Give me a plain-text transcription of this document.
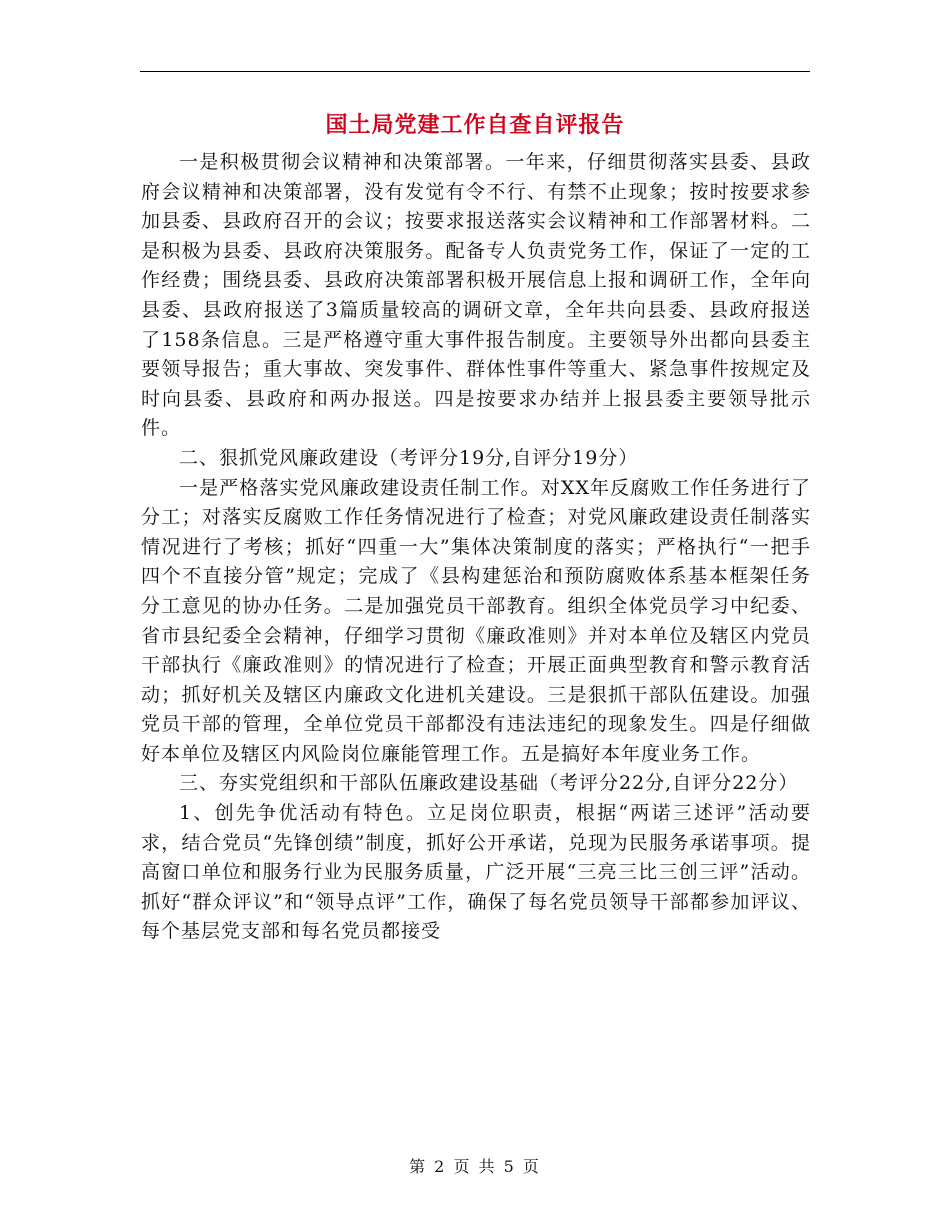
国土局党建工作自查自评报告

一是积极贯彻会议精神和决策部署。一年来，仔细贯彻落实县委、县政府会议精神和决策部署，没有发觉有令不行、有禁不止现象；按时按要求参加县委、县政府召开的会议；按要求报送落实会议精神和工作部署材料。二是积极为县委、县政府决策服务。配备专人负责党务工作，保证了一定的工作经费；围绕县委、县政府决策部署积极开展信息上报和调研工作，全年向县委、县政府报送了3篇质量较高的调研文章，全年共向县委、县政府报送了158条信息。三是严格遵守重大事件报告制度。主要领导外出都向县委主要领导报告；重大事故、突发事件、群体性事件等重大、紧急事件按规定及时向县委、县政府和两办报送。四是按要求办结并上报县委主要领导批示件。

二、狠抓党风廉政建设（考评分19分,自评分19分）

一是严格落实党风廉政建设责任制工作。对XX年反腐败工作任务进行了分工；对落实反腐败工作任务情况进行了检查；对党风廉政建设责任制落实情况进行了考核；抓好“四重一大”集体决策制度的落实；严格执行“一把手四个不直接分管”规定；完成了《县构建惩治和预防腐败体系基本框架任务分工意见的协办任务。二是加强党员干部教育。组织全体党员学习中纪委、省市县纪委全会精神，仔细学习贯彻《廉政准则》并对本单位及辖区内党员干部执行《廉政准则》的情况进行了检查；开展正面典型教育和警示教育活动；抓好机关及辖区内廉政文化进机关建设。三是狠抓干部队伍建设。加强党员干部的管理，全单位党员干部都没有违法违纪的现象发生。四是仔细做好本单位及辖区内风险岗位廉能管理工作。五是搞好本年度业务工作。

三、夯实党组织和干部队伍廉政建设基础（考评分22分,自评分22分）

1、创先争优活动有特色。立足岗位职责，根据“两诺三述评”活动要求，结合党员“先锋创绩”制度，抓好公开承诺，兑现为民服务承诺事项。提高窗口单位和服务行业为民服务质量，广泛开展“三亮三比三创三评”活动。抓好“群众评议”和“领导点评”工作，确保了每名党员领导干部都参加评议、每个基层党支部和每名党员都接受

第 2 页 共 5 页
